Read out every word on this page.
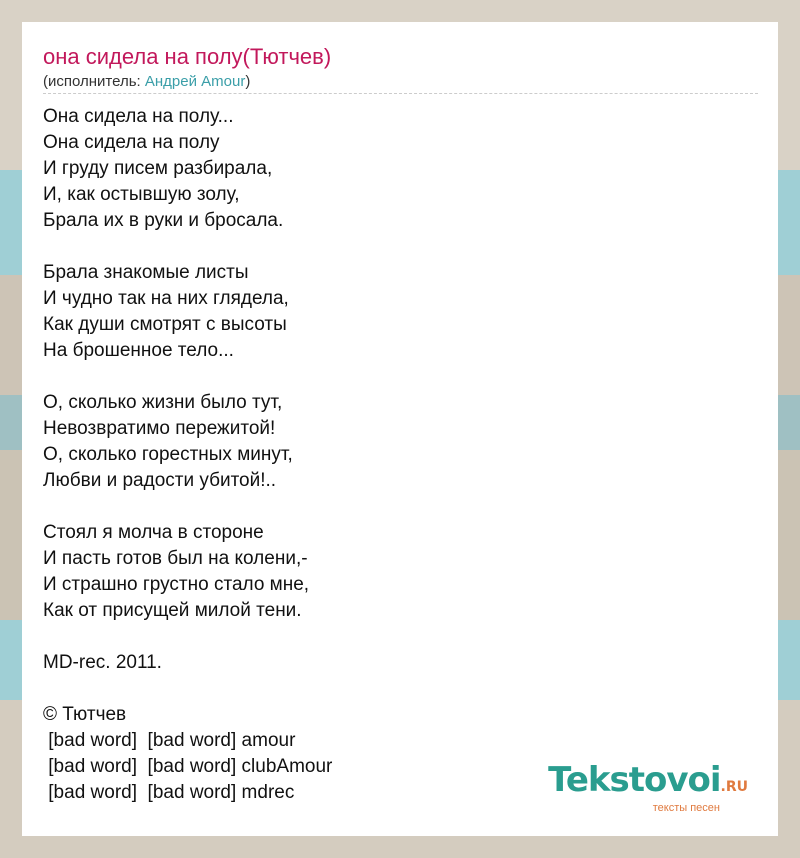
она сидела на полу(Тютчев)
(исполнитель: Андрей Amour)
Она сидела на полу...
Она сидела на полу
И груду писем разбирала,
И, как остывшую золу,
Брала их в руки и бросала.
Брала знакомые листы
И чудно так на них глядела,
Как души смотрят с высоты
На брошенное тело...
О, сколько жизни было тут,
Невозвратимо пережитой!
О, сколько горестных минут,
Любви и радости убитой!..
Стоял я молча в стороне
И пасть готов был на колени,-
И страшно грустно стало мне,
Как от присущей милой тени.
MD-rec. 2011.
© Тютчев
[bad word]  [bad word] amour
[bad word]  [bad word] clubAmour
[bad word]  [bad word] mdrec	Tekstovoi.RU
тексты песен
